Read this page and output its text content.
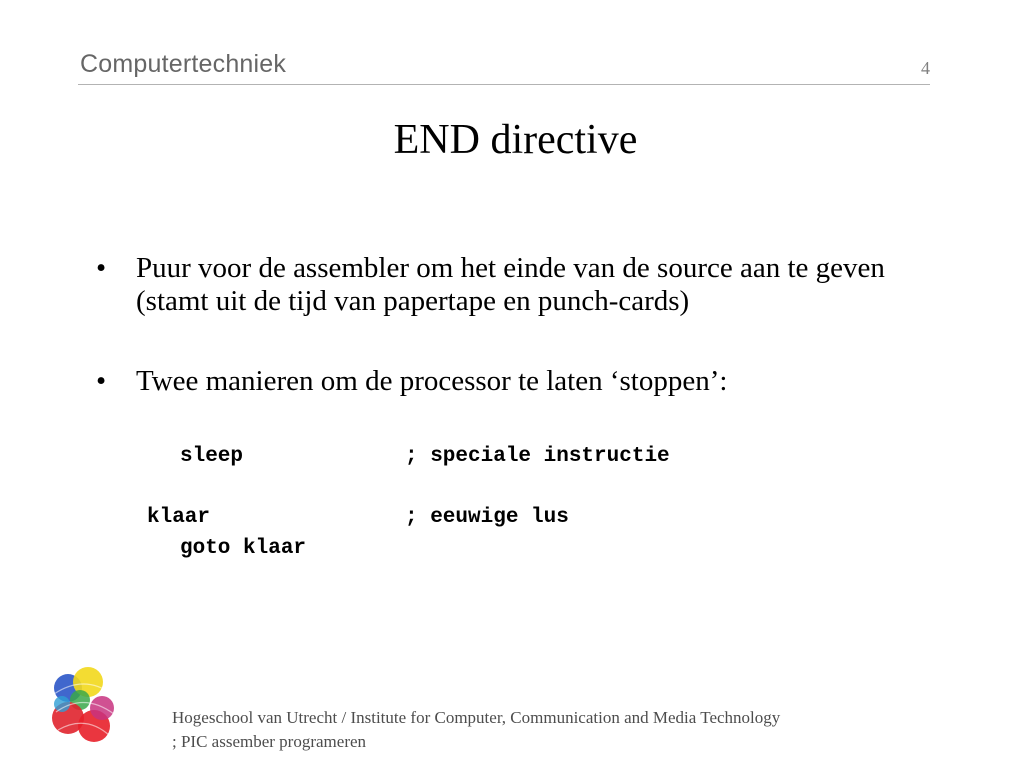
Computertechniek	4
END directive
• Puur voor de assembler om het einde van de source aan te geven (stamt uit de tijd van papertape en punch-cards)
• Twee manieren om de processor te laten ‘stoppen’:
sleep	; speciale instructie
klaar	; eeuwige lus
goto klaar
Hogeschool van Utrecht / Institute for Computer, Communication and Media Technology
; PIC assember programeren
